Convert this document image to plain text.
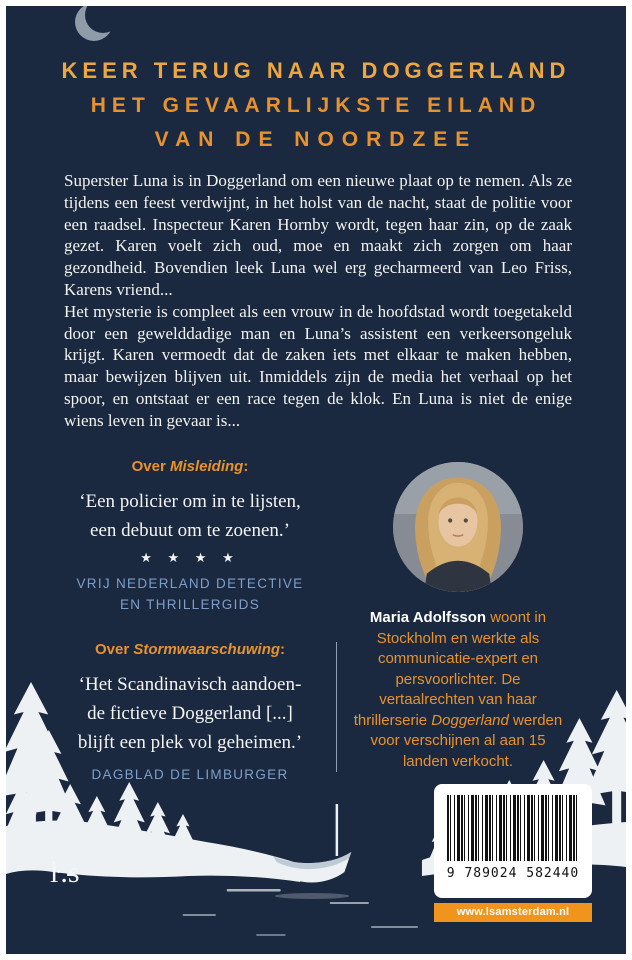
KEER TERUG NAAR DOGGERLAND
HET GEVAARLIJKSTE EILAND
VAN DE NOORDZEE

Superster Luna is in Doggerland om een nieuwe plaat op te nemen. Als ze tijdens een feest verdwijnt, in het holst van de nacht, staat de politie voor een raadsel. Inspecteur Karen Hornby wordt, tegen haar zin, op de zaak gezet. Karen voelt zich oud, moe en maakt zich zorgen om haar gezondheid. Bovendien leek Luna wel erg gecharmeerd van Leo Friss, Karens vriend...

Het mysterie is compleet als een vrouw in de hoofdstad wordt toegetakeld door een gewelddadige man en Luna’s assistent een verkeersongeluk krijgt. Karen vermoedt dat de zaken iets met elkaar te maken hebben, maar bewijzen blijven uit. Inmiddels zijn de media het verhaal op het spoor, en ontstaat er een race tegen de klok. En Luna is niet de enige wiens leven in gevaar is...

Over Misleiding:
‘Een policier om in te lijsten,
een debuut om te zoenen.’
★ ★ ★ ★
VRIJ NEDERLAND DETECTIVE
EN THRILLERGIDS
Over Stormwaarschuwing:
‘Het Scandinavisch aandoen-
de fictieve Doggerland [...]
blijft een plek vol geheimen.’
DAGBLAD DE LIMBURGER
Maria Adolfsson woont in Stockholm en werkte als communicatie-expert en persvoorlichter. De vertaalrechten van haar thrillerserie Doggerland werden voor verschijnen al aan 15 landen verkocht.
ŀ.s	9 789024 582440
www.lsamsterdam.nl
